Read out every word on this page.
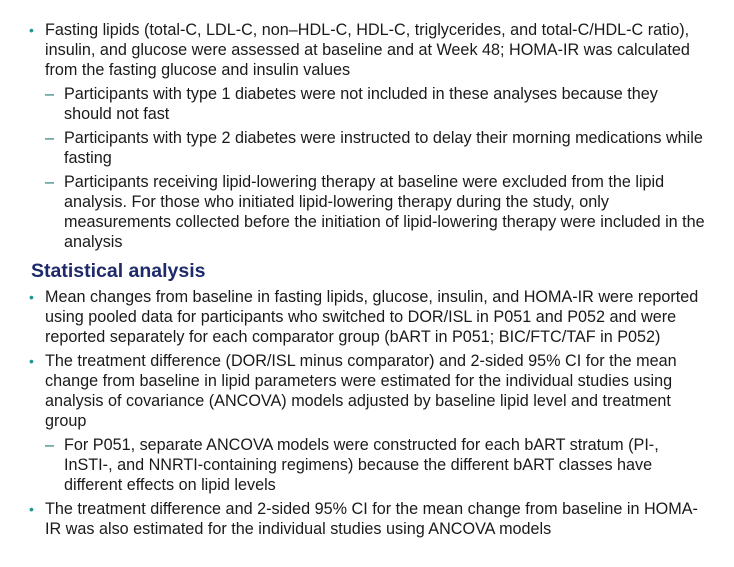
• Fasting lipids (total-C, LDL-C, non–HDL-C, HDL-C, triglycerides, and total-C/HDL-C ratio), insulin, and glucose were assessed at baseline and at Week 48; HOMA-IR was calculated from the fasting glucose and insulin values
– Participants with type 1 diabetes were not included in these analyses because they should not fast
– Participants with type 2 diabetes were instructed to delay their morning medications while fasting
– Participants receiving lipid-lowering therapy at baseline were excluded from the lipid analysis. For those who initiated lipid-lowering therapy during the study, only measurements collected before the initiation of lipid-lowering therapy were included in the analysis
Statistical analysis
• Mean changes from baseline in fasting lipids, glucose, insulin, and HOMA-IR were reported using pooled data for participants who switched to DOR/ISL in P051 and P052 and were reported separately for each comparator group (bART in P051; BIC/FTC/TAF in P052)
• The treatment difference (DOR/ISL minus comparator) and 2-sided 95% CI for the mean change from baseline in lipid parameters were estimated for the individual studies using analysis of covariance (ANCOVA) models adjusted by baseline lipid level and treatment group
– For P051, separate ANCOVA models were constructed for each bART stratum (PI-, InSTI-, and NNRTI-containing regimens) because the different bART classes have different effects on lipid levels
• The treatment difference and 2-sided 95% CI for the mean change from baseline in HOMA-IR was also estimated for the individual studies using ANCOVA models
